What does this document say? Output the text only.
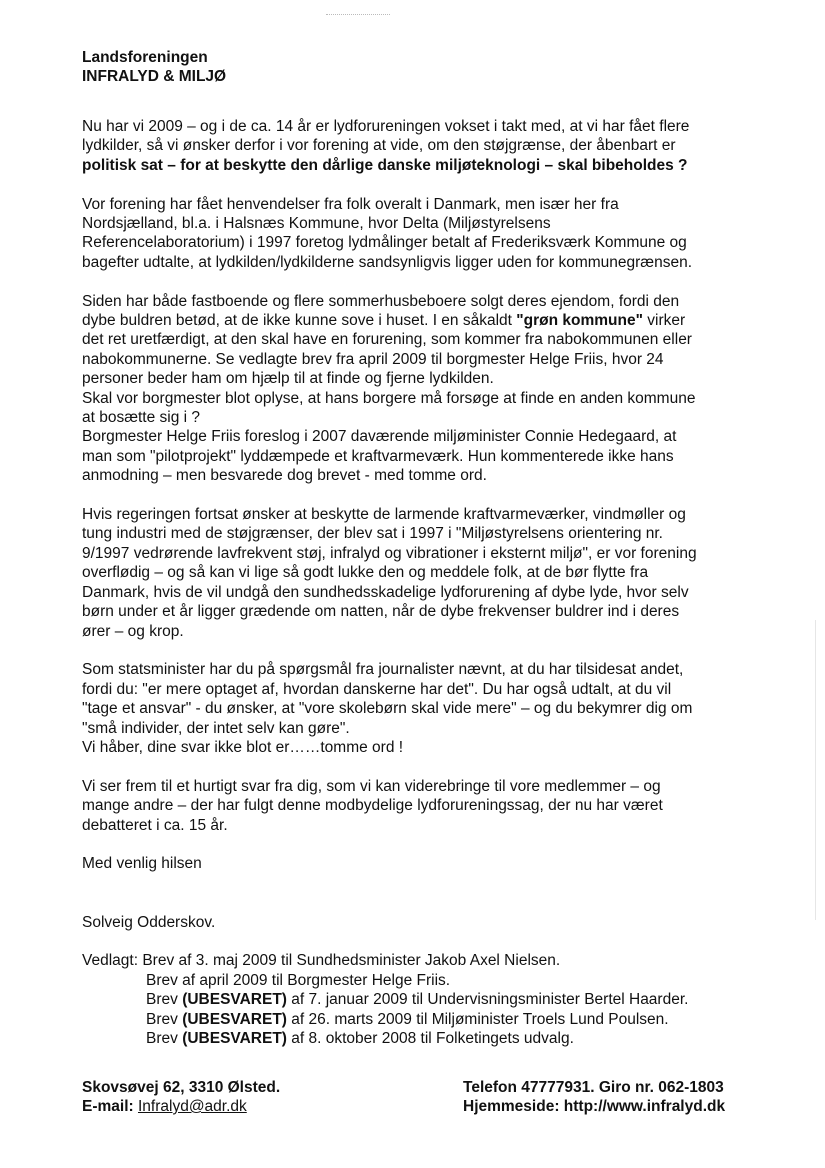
Landsforeningen
INFRALYD & MILJØ

Nu har vi 2009 – og i de ca. 14 år er lydforureningen vokset i takt med, at vi har fået flere
lydkilder, så vi ønsker derfor i vor forening at vide, om den støjgrænse, der åbenbart er
politisk sat – for at beskytte den dårlige danske miljøteknologi – skal bibeholdes ?

Vor forening har fået henvendelser fra folk overalt i Danmark, men især her fra
Nordsjælland, bl.a. i Halsnæs Kommune, hvor Delta (Miljøstyrelsens
Referencelaboratorium) i 1997 foretog lydmålinger betalt af Frederiksværk Kommune og
bagefter udtalte, at lydkilden/lydkilderne sandsynligvis ligger uden for kommunegrænsen.

Siden har både fastboende og flere sommerhusbeboere solgt deres ejendom, fordi den
dybe buldren betød, at de ikke kunne sove i huset. I en såkaldt "grøn kommune" virker
det ret uretfærdigt, at den skal have en forurening, som kommer fra nabokommunen eller
nabokommunerne. Se vedlagte brev fra april 2009 til borgmester Helge Friis, hvor 24
personer beder ham om hjælp til at finde og fjerne lydkilden.
Skal vor borgmester blot oplyse, at hans borgere må forsøge at finde en anden kommune
at bosætte sig i ?
Borgmester Helge Friis foreslog i 2007 daværende miljøminister Connie Hedegaard, at
man som "pilotprojekt" lyddæmpede et kraftvarmeværk. Hun kommenterede ikke hans
anmodning – men besvarede dog brevet - med tomme ord.

Hvis regeringen fortsat ønsker at beskytte de larmende kraftvarmeværker, vindmøller og
tung industri med de støjgrænser, der blev sat i 1997 i "Miljøstyrelsens orientering nr.
9/1997 vedrørende lavfrekvent støj, infralyd og vibrationer i eksternt miljø", er vor forening
overflødig – og så kan vi lige så godt lukke den og meddele folk, at de bør flytte fra
Danmark, hvis de vil undgå den sundhedsskadelige lydforurening af dybe lyde, hvor selv
børn under et år ligger grædende om natten, når de dybe frekvenser buldrer ind i deres
ører – og krop.

Som statsminister har du på spørgsmål fra journalister nævnt, at du har tilsidesat andet,
fordi du: "er mere optaget af, hvordan danskerne har det". Du har også udtalt, at du vil
"tage et ansvar" - du ønsker, at "vore skolebørn skal vide mere" – og du bekymrer dig om
"små individer, der intet selv kan gøre".
Vi håber, dine svar ikke blot er……tomme ord !

Vi ser frem til et hurtigt svar fra dig, som vi kan viderebringe til vore medlemmer – og
mange andre – der har fulgt denne modbydelige lydforureningssag, der nu har været
debatteret i ca. 15 år.

Med venlig hilsen

Solveig Odderskov.

Vedlagt: Brev af 3. maj 2009 til Sundhedsminister Jakob Axel Nielsen.
Brev af april 2009 til Borgmester Helge Friis.
Brev (UBESVARET) af 7. januar 2009 til Undervisningsminister Bertel Haarder.
Brev (UBESVARET) af 26. marts 2009 til Miljøminister Troels Lund Poulsen.
Brev (UBESVARET) af 8. oktober 2008 til Folketingets udvalg.
Skovsøvej 62, 3310 Ølsted.
E-mail: Infralyd@adr.dk
Telefon 47777931. Giro nr. 062-1803
Hjemmeside: http://www.infralyd.dk
